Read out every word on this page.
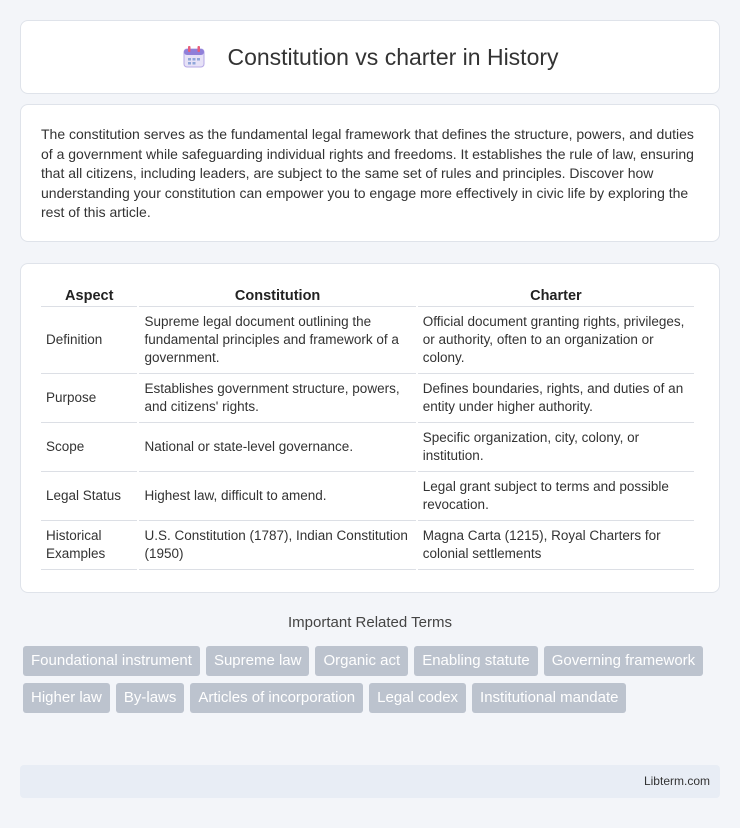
Constitution vs charter in History

The constitution serves as the fundamental legal framework that defines the structure, powers, and duties of a government while safeguarding individual rights and freedoms. It establishes the rule of law, ensuring that all citizens, including leaders, are subject to the same set of rules and principles. Discover how understanding your constitution can empower you to engage more effectively in civic life by exploring the rest of this article.

Aspect	Constitution	Charter
Definition	Supreme legal document outlining the fundamental principles and framework of a government.	Official document granting rights, privileges, or authority, often to an organization or colony.
Purpose	Establishes government structure, powers, and citizens' rights.	Defines boundaries, rights, and duties of an entity under higher authority.
Scope	National or state-level governance.	Specific organization, city, colony, or institution.
Legal Status	Highest law, difficult to amend.	Legal grant subject to terms and possible revocation.
Historical Examples	U.S. Constitution (1787), Indian Constitution (1950)	Magna Carta (1215), Royal Charters for colonial settlements
Important Related Terms
Foundational instrument	Supreme law	Organic act	Enabling statute	Governing framework
Higher law	By-laws	Articles of incorporation	Legal codex	Institutional mandate
Libterm.com
